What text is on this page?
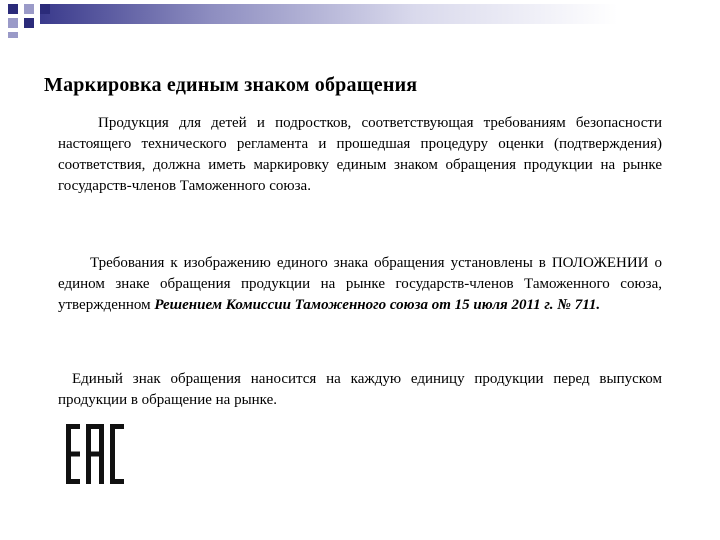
Маркировка единым знаком обращения
Продукция для детей и подростков, соответствующая требованиям безопасности настоящего технического регламента и прошедшая процедуру оценки (подтверждения) соответствия, должна иметь маркировку единым знаком обращения продукции на рынке государств-членов Таможенного союза.
Требования к изображению единого знака обращения установлены в ПОЛОЖЕНИИ о едином знаке обращения продукции на рынке государств-членов Таможенного союза, утвержденном Решением Комиссии Таможенного союза от 15 июля 2011 г. № 711.
Единый знак обращения наносится на каждую единицу продукции перед выпуском продукции в обращение на рынке.
